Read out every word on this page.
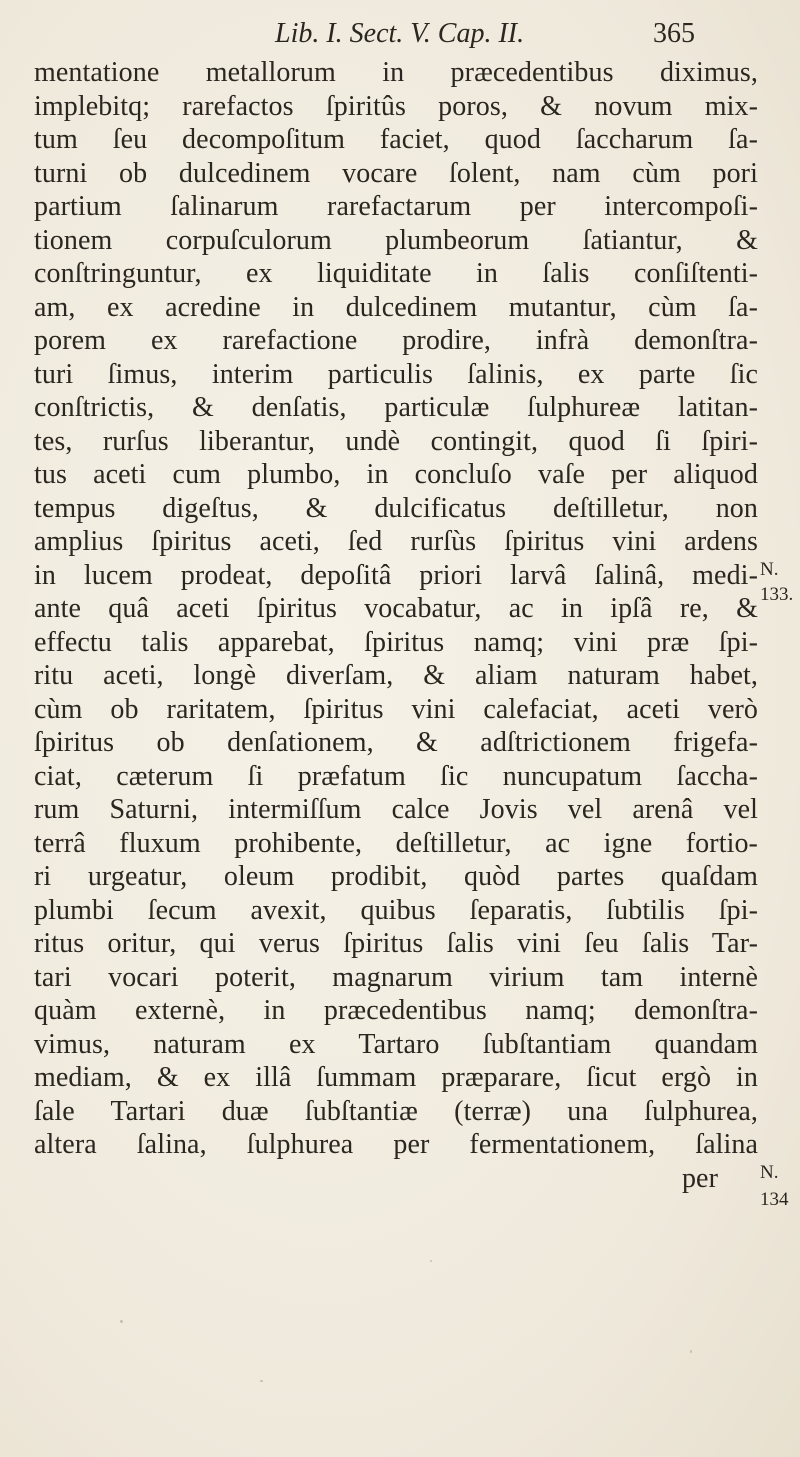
Lib. I. Sect. V. Cap. II.	365
mentatione metallorum in præcedentibus diximus,
implebitq; rarefactos ſpiritûs poros, & novum mix-
tum ſeu decompoſitum faciet, quod ſaccharum ſa-
turni ob dulcedinem vocare ſolent, nam cùm pori
partium ſalinarum rarefactarum per intercompoſi-
tionem corpuſculorum plumbeorum ſatiantur, &
conſtringuntur, ex liquiditate in ſalis conſiſtenti-
am, ex acredine in dulcedinem mutantur, cùm ſa-
porem ex rarefactione prodire, infrà demonſtra-
turi ſimus, interim particulis ſalinis, ex parte ſic
conſtrictis, & denſatis, particulæ ſulphureæ latitan-
tes, rurſus liberantur, undè contingit, quod ſi ſpiri-
tus aceti cum plumbo, in concluſo vaſe per aliquod
tempus digeſtus, & dulcificatus deſtilletur, non
amplius ſpiritus aceti, ſed rurſùs ſpiritus vini ardens
in lucem prodeat, depoſitâ priori larvâ ſalinâ, medi-
ante quâ aceti ſpiritus vocabatur, ac in ipſâ re, &
effectu talis apparebat, ſpiritus namq; vini præ ſpi-
ritu aceti, longè diverſam, & aliam naturam habet,
cùm ob raritatem, ſpiritus vini calefaciat, aceti verò
ſpiritus ob denſationem, & adſtrictionem frigefa-
ciat, cæterum ſi præfatum ſic nuncupatum ſaccha-
rum Saturni, intermiſſum calce Jovis vel arenâ vel
terrâ fluxum prohibente, deſtilletur, ac igne fortio-
ri urgeatur, oleum prodibit, quòd partes quaſdam
plumbi ſecum avexit, quibus ſeparatis, ſubtilis ſpi-
ritus oritur, qui verus ſpiritus ſalis vini ſeu ſalis Tar-
tari vocari poterit, magnarum virium tam internè
quàm externè, in præcedentibus namq; demonſtra-
vimus, naturam ex Tartaro ſubſtantiam quandam
mediam, & ex illâ ſummam præparare, ſicut ergò in
ſale Tartari duæ ſubſtantiæ (terræ) una ſulphurea,
altera ſalina, ſulphurea per fermentationem, ſalina
per
N.
133.
N.
134
